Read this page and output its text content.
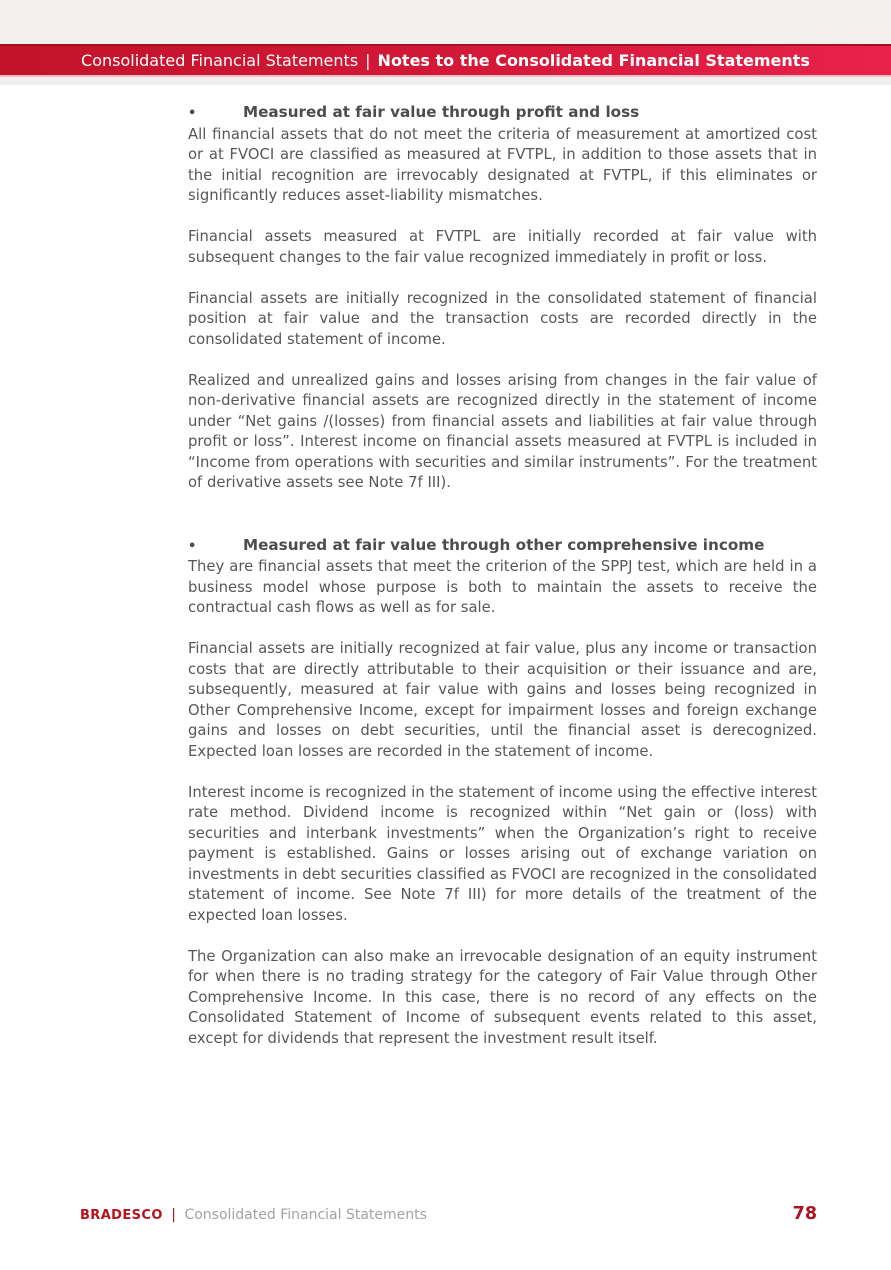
Consolidated Financial Statements | Notes to the Consolidated Financial Statements
•	Measured at fair value through profit and loss

All financial assets that do not meet the criteria of measurement at amortized cost or at FVOCI are classified as measured at FVTPL, in addition to those assets that in the initial recognition are irrevocably designated at FVTPL, if this eliminates or significantly reduces asset-liability mismatches.

Financial assets measured at FVTPL are initially recorded at fair value with subsequent changes to the fair value recognized immediately in profit or loss.

Financial assets are initially recognized in the consolidated statement of financial position at fair value and the transaction costs are recorded directly in the consolidated statement of income.

Realized and unrealized gains and losses arising from changes in the fair value of non-derivative financial assets are recognized directly in the statement of income under “Net gains /(losses) from financial assets and liabilities at fair value through profit or loss”. Interest income on financial assets measured at FVTPL is included in “Income from operations with securities and similar instruments”. For the treatment of derivative assets see Note 7f III).

•	Measured at fair value through other comprehensive income

They are financial assets that meet the criterion of the SPPJ test, which are held in a business model whose purpose is both to maintain the assets to receive the contractual cash flows as well as for sale.

Financial assets are initially recognized at fair value, plus any income or transaction costs that are directly attributable to their acquisition or their issuance and are, subsequently, measured at fair value with gains and losses being recognized in Other Comprehensive Income, except for impairment losses and foreign exchange gains and losses on debt securities, until the financial asset is derecognized. Expected loan losses are recorded in the statement of income.

Interest income is recognized in the statement of income using the effective interest rate method. Dividend income is recognized within “Net gain or (loss) with securities and interbank investments” when the Organization’s right to receive payment is established. Gains or losses arising out of exchange variation on investments in debt securities classified as FVOCI are recognized in the consolidated statement of income. See Note 7f III) for more details of the treatment of the expected loan losses.

The Organization can also make an irrevocable designation of an equity instrument for when there is no trading strategy for the category of Fair Value through Other Comprehensive Income. In this case, there is no record of any effects on the Consolidated Statement of Income of subsequent events related to this asset, except for dividends that represent the investment result itself.

BRADESCO | Consolidated Financial Statements	78
